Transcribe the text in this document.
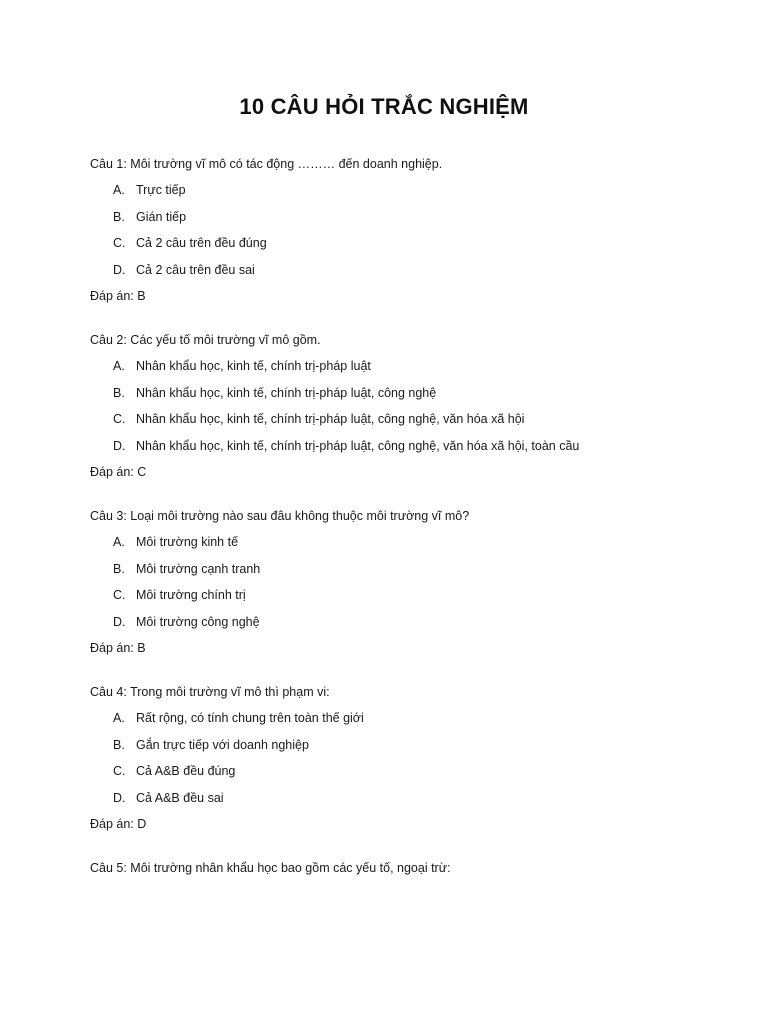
10 CÂU HỎI TRẮC NGHIỆM
Câu 1: Môi trường vĩ mô có tác động ……… đến doanh nghiệp.
A. Trực tiếp
B. Gián tiếp
C. Cả 2 câu trên đều đúng
D. Cả 2 câu trên đều sai
Đáp án: B
Câu 2: Các yếu tố môi trường vĩ mô gồm.
A. Nhân khẩu học, kinh tế, chính trị-pháp luật
B. Nhân khẩu học, kinh tế, chính trị-pháp luật, công nghệ
C. Nhân khẩu học, kinh tế, chính trị-pháp luật, công nghệ, văn hóa xã hội
D. Nhân khẩu học, kinh tế, chính trị-pháp luật, công nghệ, văn hóa xã hội, toàn cầu
Đáp án: C
Câu 3: Loại môi trường nào sau đâu không thuộc môi trường vĩ mô?
A. Môi trường kinh tế
B. Môi trường cạnh tranh
C. Môi trường chính trị
D. Môi trường công nghệ
Đáp án: B
Câu 4: Trong môi trường vĩ mô thì phạm vi:
A. Rất rộng, có tính chung trên toàn thế giới
B. Gắn trực tiếp với doanh nghiệp
C. Cả A&B đều đúng
D. Cả A&B đều sai
Đáp án: D
Câu 5: Môi trường nhân khẩu học bao gồm các yếu tố, ngoại trừ:
